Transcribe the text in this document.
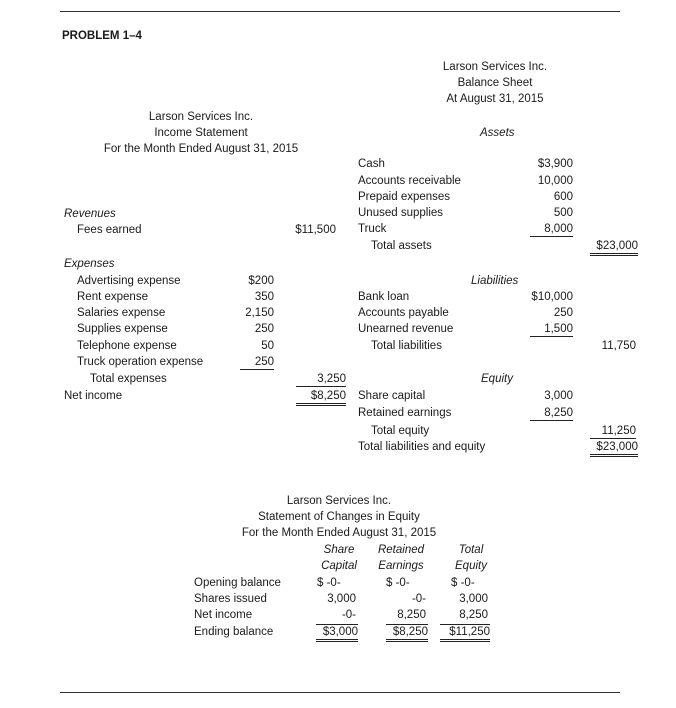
PROBLEM 1–4
Larson Services Inc.
Income Statement
For the Month Ended August 31, 2015
Revenues
Fees earned	$11,500
Expenses
Advertising expense	$200
Rent expense	350
Salaries expense	2,150
Supplies expense	250
Telephone expense	50
Truck operation expense	250
Total expenses	3,250
Net income	$8,250
Larson Services Inc.
Balance Sheet
At August 31, 2015
Assets
Cash	$3,900
Accounts receivable	10,000
Prepaid expenses	600
Unused supplies	500
Truck	8,000
Total assets	$23,000
Liabilities
Bank loan	$10,000
Accounts payable	250
Unearned revenue	1,500
Total liabilities	11,750
Equity
Share capital	3,000
Retained earnings	8,250
Total equity	11,250
Total liabilities and equity	$23,000
Larson Services Inc.
Statement of Changes in Equity
For the Month Ended August 31, 2015
Share
Capital
Retained
Earnings
Total
Equity
Opening balance	$ -0-	$ -0-	$ -0-
Shares issued	3,000	-0-	3,000
Net income	-0-	8,250	8,250
Ending balance	$3,000	$8,250	$11,250
